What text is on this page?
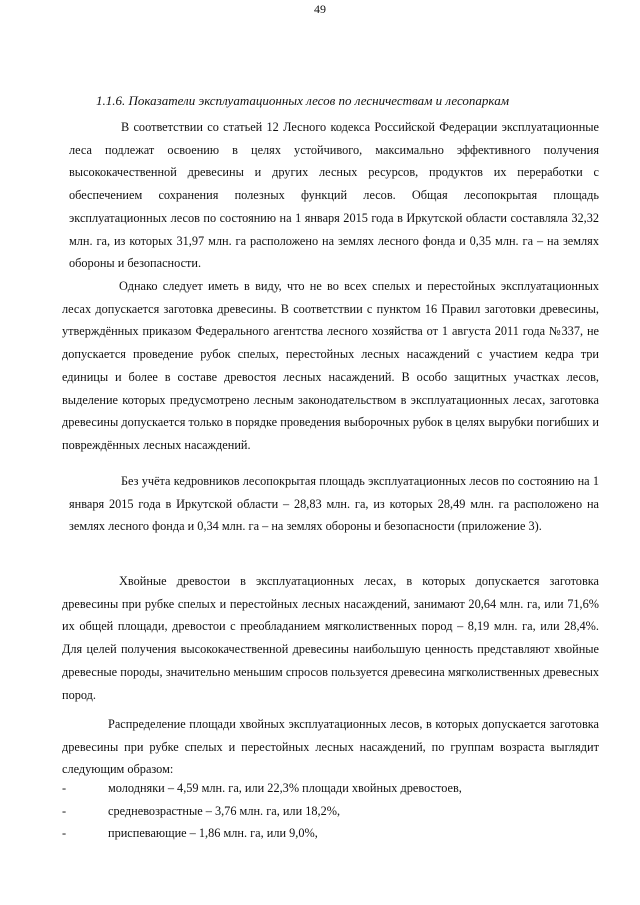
49
1.1.6. Показатели эксплуатационных лесов по лесничествам и лесопаркам

В соответствии со статьей 12 Лесного кодекса Российской Федерации эксплуатационные леса подлежат освоению в целях устойчивого, максимально эффективного получения высококачественной древесины и других лесных ресурсов, продуктов их переработки с обеспечением сохранения полезных функций лесов. Общая лесопокрытая площадь эксплуатационных лесов по состоянию на 1 января 2015 года в Иркутской области составляла 32,32 млн. га, из которых 31,97 млн. га расположено на землях лесного фонда и 0,35 млн. га – на землях обороны и безопасности.

Однако следует иметь в виду, что не во всех спелых и перестойных эксплуатационных лесах допускается заготовка древесины. В соответствии с пунктом 16 Правил заготовки древесины, утверждённых приказом Федерального агентства лесного хозяйства от 1 августа 2011 года №337, не допускается проведение рубок спелых, перестойных лесных насаждений с участием кедра три единицы и более в составе древостоя лесных насаждений. В особо защитных участках лесов, выделение которых предусмотрено лесным законодательством в эксплуатационных лесах, заготовка древесины допускается только в порядке проведения выборочных рубок в целях вырубки погибших и повреждённых лесных насаждений.

Без учёта кедровников лесопокрытая площадь эксплуатационных лесов по состоянию на 1 января 2015 года в Иркутской области – 28,83 млн. га, из которых 28,49 млн. га расположено на землях лесного фонда и 0,34 млн. га – на землях обороны и безопасности (приложение 3).

Хвойные древостои в эксплуатационных лесах, в которых допускается заготовка древесины при рубке спелых и перестойных лесных насаждений, занимают 20,64 млн. га, или 71,6% их общей площади, древостои с преобладанием мягколиственных пород – 8,19 млн. га, или 28,4%. Для целей получения высококачественной древесины наибольшую ценность представляют хвойные древесные породы, значительно меньшим спросов пользуется древесина мягколиственных древесных пород.

Распределение площади хвойных эксплуатационных лесов, в которых допускается заготовка древесины при рубке спелых и перестойных лесных насаждений, по группам возраста выглядит следующим образом:

-	молодняки – 4,59 млн. га, или 22,3% площади хвойных древостоев,
-	средневозрастные – 3,76 млн. га, или 18,2%,
-	приспевающие – 1,86 млн. га, или 9,0%,
